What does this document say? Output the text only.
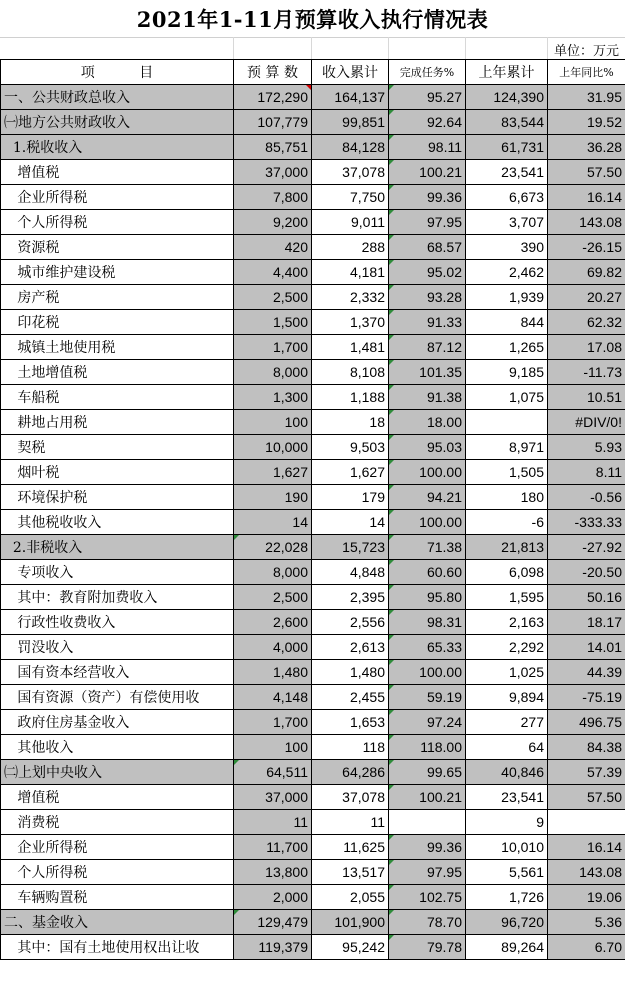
2021年1-11月预算收入执行情况表
单位：万元
项          目	预 算 数	收入累计	完成任务%	上年累计	上年同比%
一、公共财政总收入	172,290	164,137	95.27	124,390	31.95
㈠地方公共财政收入	107,779	99,851	92.64	83,544	19.52
1.税收收入	85,751	84,128	98.11	61,731	36.28
增值税	37,000	37,078	100.21	23,541	57.50
企业所得税	7,800	7,750	99.36	6,673	16.14
个人所得税	9,200	9,011	97.95	3,707	143.08
资源税	420	288	68.57	390	-26.15
城市维护建设税	4,400	4,181	95.02	2,462	69.82
房产税	2,500	2,332	93.28	1,939	20.27
印花税	1,500	1,370	91.33	844	62.32
城镇土地使用税	1,700	1,481	87.12	1,265	17.08
土地增值税	8,000	8,108	101.35	9,185	-11.73
车船税	1,300	1,188	91.38	1,075	10.51
耕地占用税	100	18	18.00		#DIV/0!
契税	10,000	9,503	95.03	8,971	5.93
烟叶税	1,627	1,627	100.00	1,505	8.11
环境保护税	190	179	94.21	180	-0.56
其他税收收入	14	14	100.00	-6	-333.33
2.非税收入	22,028	15,723	71.38	21,813	-27.92
专项收入	8,000	4,848	60.60	6,098	-20.50
其中：教育附加费收入	2,500	2,395	95.80	1,595	50.16
行政性收费收入	2,600	2,556	98.31	2,163	18.17
罚没收入	4,000	2,613	65.33	2,292	14.01
国有资本经营收入	1,480	1,480	100.00	1,025	44.39
国有资源（资产）有偿使用收	4,148	2,455	59.19	9,894	-75.19
政府住房基金收入	1,700	1,653	97.24	277	496.75
其他收入	100	118	118.00	64	84.38
㈡上划中央收入	64,511	64,286	99.65	40,846	57.39
增值税	37,000	37,078	100.21	23,541	57.50
消费税	11	11		9	
企业所得税	11,700	11,625	99.36	10,010	16.14
个人所得税	13,800	13,517	97.95	5,561	143.08
车辆购置税	2,000	2,055	102.75	1,726	19.06
二、基金收入	129,479	101,900	78.70	96,720	5.36
其中：国有土地使用权出让收	119,379	95,242	79.78	89,264	6.70
